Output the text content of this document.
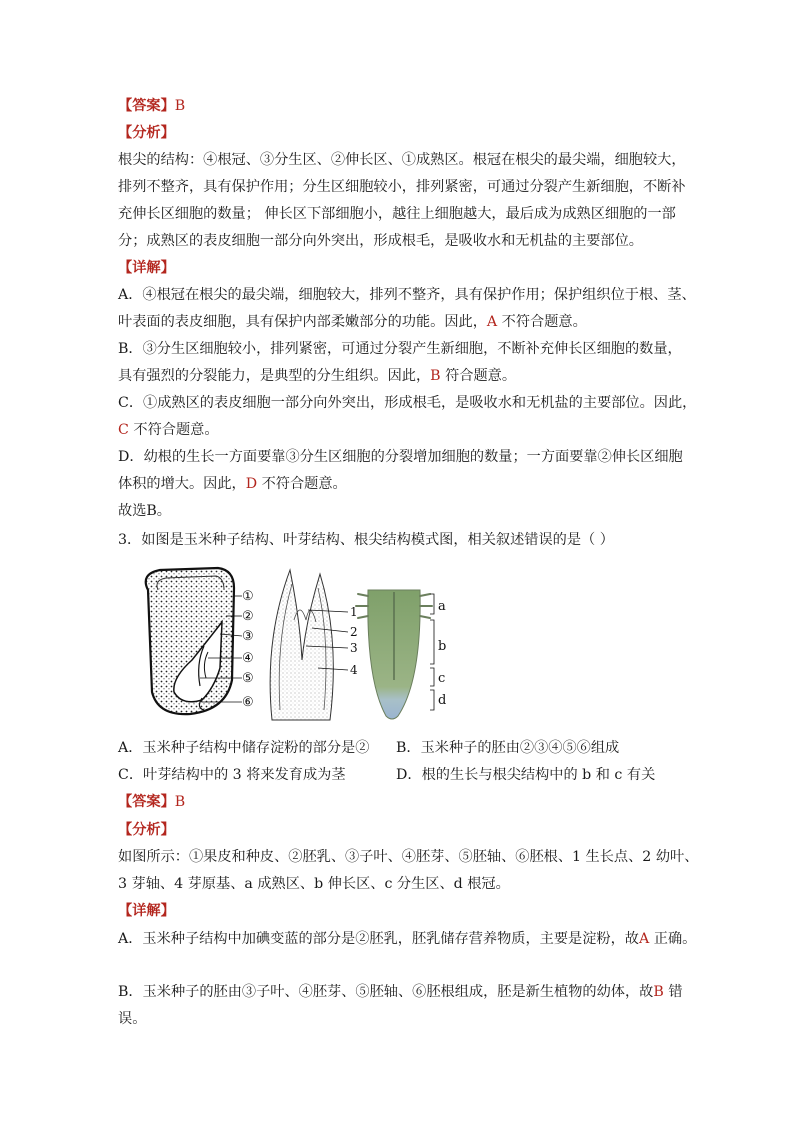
【答案】B
【分析】
根尖的结构：④根冠、③分生区、②伸长区、①成熟区。根冠在根尖的最尖端，细胞较大，
排列不整齐，具有保护作用；分生区细胞较小，排列紧密，可通过分裂产生新细胞，不断补
充伸长区细胞的数量； 伸长区下部细胞小，越往上细胞越大，最后成为成熟区细胞的一部
分；成熟区的表皮细胞一部分向外突出，形成根毛，是吸收水和无机盐的主要部位。
【详解】
A．④根冠在根尖的最尖端，细胞较大，排列不整齐，具有保护作用；保护组织位于根、茎、
叶表面的表皮细胞，具有保护内部柔嫩部分的功能。因此，A 不符合题意。
B．③分生区细胞较小，排列紧密，可通过分裂产生新细胞，不断补充伸长区细胞的数量，
具有强烈的分裂能力，是典型的分生组织。因此，B 符合题意。
C．①成熟区的表皮细胞一部分向外突出，形成根毛，是吸收水和无机盐的主要部位。因此，
C 不符合题意。
D．幼根的生长一方面要靠③分生区细胞的分裂增加细胞的数量；一方面要靠②伸长区细胞
体积的增大。因此，D 不符合题意。
故选B。
3．如图是玉米种子结构、叶芽结构、根尖结构模式图，相关叙述错误的是（ ）
①
②
③
④
⑤
⑥
1
2
3
4
a
b
c
d
A．玉米种子结构中储存淀粉的部分是② B．玉米种子的胚由②③④⑤⑥组成
C．叶芽结构中的 3 将来发育成为茎	D．根的生长与根尖结构中的 b 和 c 有关
【答案】B
【分析】
如图所示：①果皮和种皮、②胚乳、③子叶、④胚芽、⑤胚轴、⑥胚根、1 生长点、2 幼叶、
3 芽轴、4 芽原基、a 成熟区、b 伸长区、c 分生区、d 根冠。
【详解】
A．玉米种子结构中加碘变蓝的部分是②胚乳，胚乳储存营养物质，主要是淀粉，故A 正确。
B．玉米种子的胚由③子叶、④胚芽、⑤胚轴、⑥胚根组成，胚是新生植物的幼体，故B 错
误。
